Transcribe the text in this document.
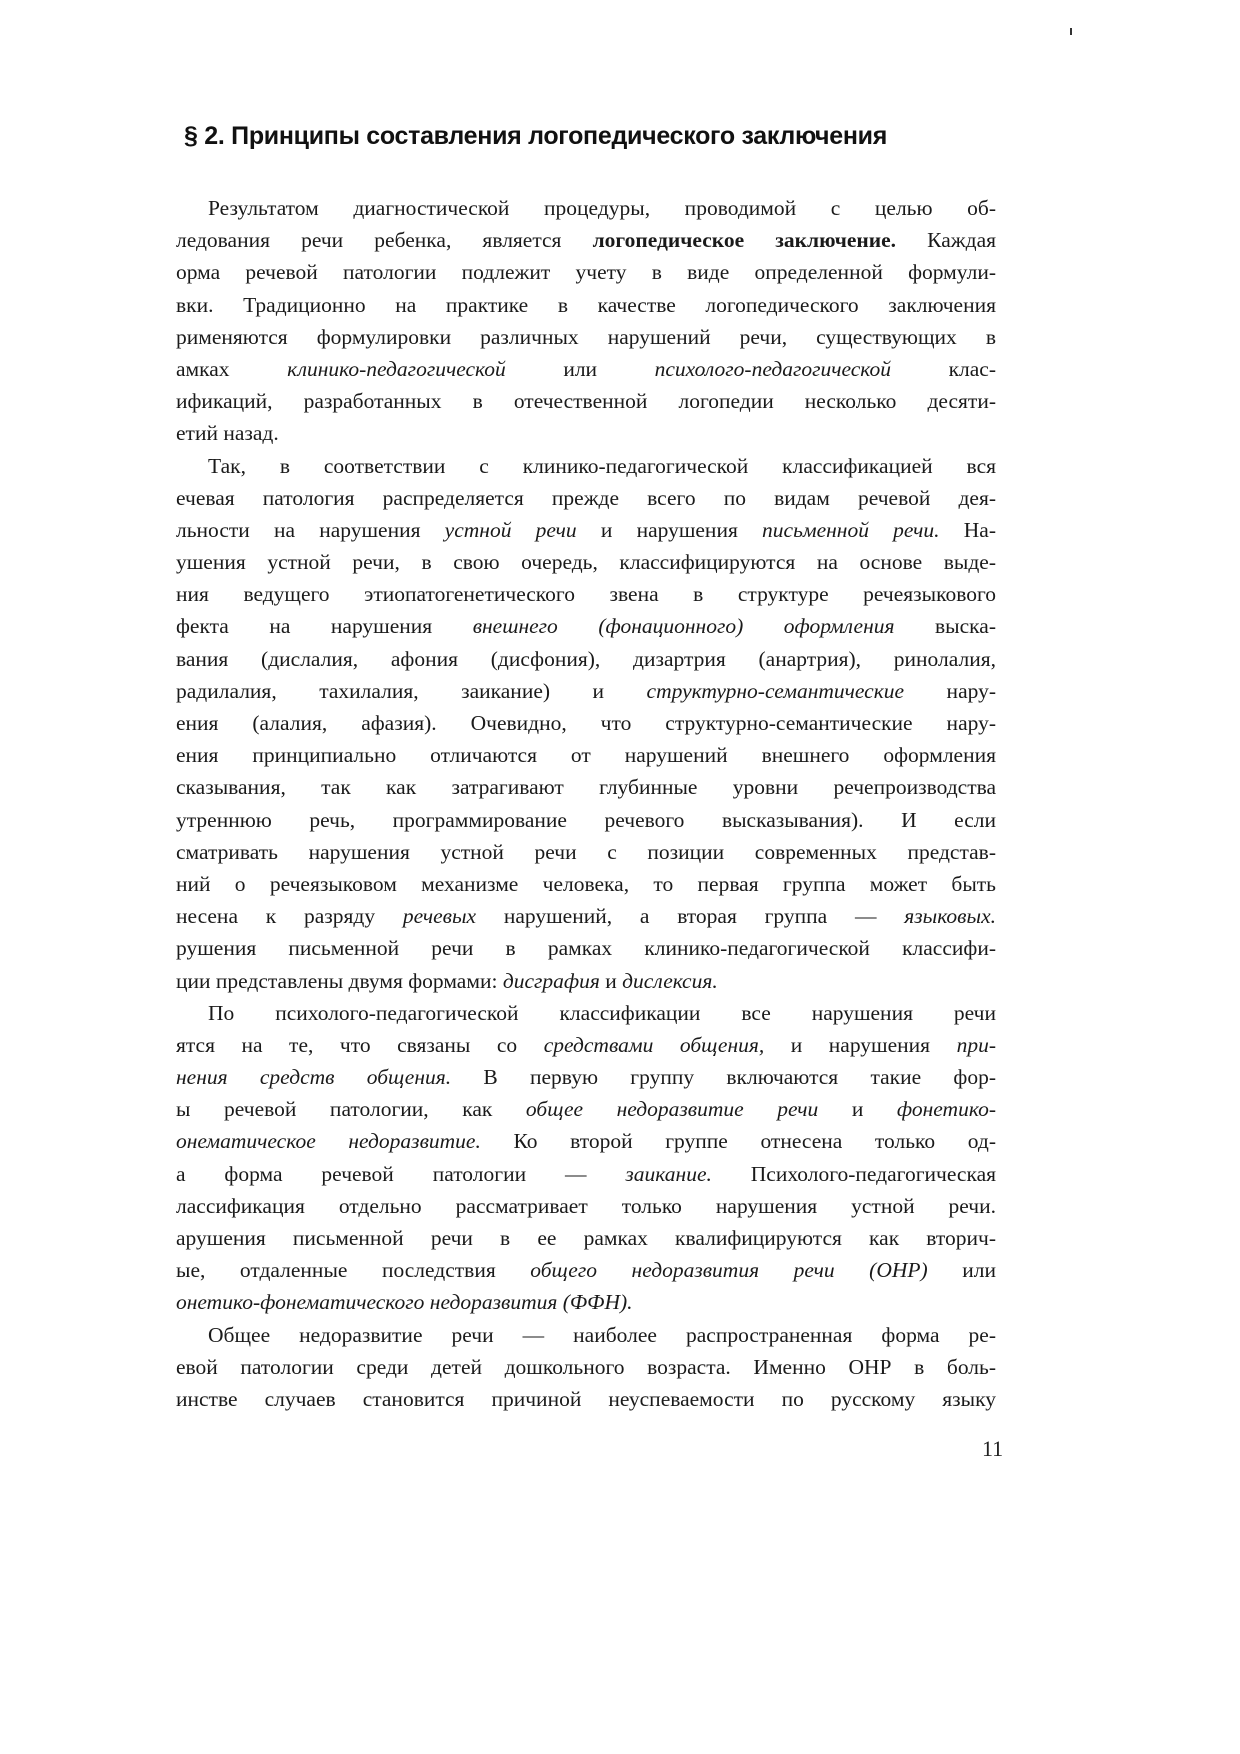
§ 2. Принципы составления логопедического заключения
Результатом диагностической процедуры, проводимой с целью об-
ледования речи ребенка, является логопедическое заключение. Каждая
орма речевой патологии подлежит учету в виде определенной формули-
вки. Традиционно на практике в качестве логопедического заключения
рименяются формулировки различных нарушений речи, существующих в
амках клинико-педагогической или психолого-педагогической клас-
ификаций, разработанных в отечественной логопедии несколько десяти-
етий назад.
Так, в соответствии с клинико-педагогической классификацией вся
ечевая патология распределяется прежде всего по видам речевой дея-
льности на нарушения устной речи и нарушения письменной речи. На-
ушения устной речи, в свою очередь, классифицируются на основе выде-
ния ведущего этиопатогенетического звена в структуре речеязыкового
фекта на нарушения внешнего (фонационного) оформления выска-
вания (дислалия, афония (дисфония), дизартрия (анартрия), ринолалия,
радилалия, тахилалия, заикание) и структурно-семантические нару-
ения (алалия, афазия). Очевидно, что структурно-семантические нару-
ения принципиально отличаются от нарушений внешнего оформления
сказывания, так как затрагивают глубинные уровни речепроизводства
утреннюю речь, программирование речевого высказывания). И если
сматривать нарушения устной речи с позиции современных представ-
ний о речеязыковом механизме человека, то первая группа может быть
несена к разряду речевых нарушений, а вторая группа — языковых.
рушения письменной речи в рамках клинико-педагогической классифи-
ции представлены двумя формами: дисграфия и дислексия.
По психолого-педагогической классификации все нарушения речи
ятся на те, что связаны со средствами общения, и нарушения при-
нения средств общения. В первую группу включаются такие фор-
ы речевой патологии, как общее недоразвитие речи и фонетико-
онематическое недоразвитие. Ко второй группе отнесена только од-
а форма речевой патологии — заикание. Психолого-педагогическая
лассификация отдельно рассматривает только нарушения устной речи.
арушения письменной речи в ее рамках квалифицируются как вторич-
ые, отдаленные последствия общего недоразвития речи (ОНР) или
онетико-фонематического недоразвития (ФФН).
Общее недоразвитие речи — наиболее распространенная форма ре-
евой патологии среди детей дошкольного возраста. Именно ОНР в боль-
инстве случаев становится причиной неуспеваемости по русскому языку
11
